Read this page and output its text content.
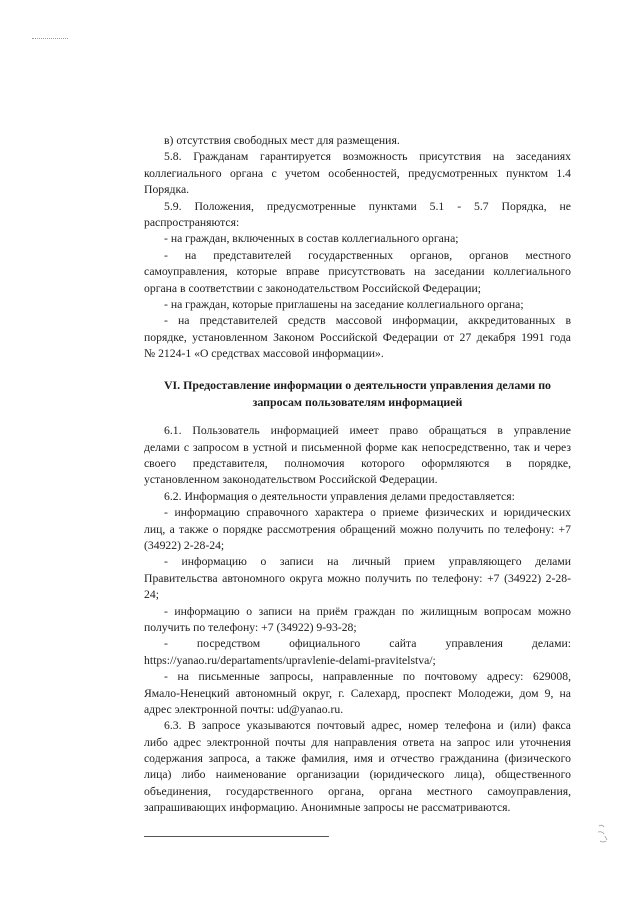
в) отсутствия свободных мест для размещения.
5.8. Гражданам гарантируется возможность присутствия на заседаниях
коллегиального органа с учетом особенностей, предусмотренных пунктом 1.4
Порядка.
5.9. Положения, предусмотренные пунктами 5.1 - 5.7 Порядка, не
распространяются:
- на граждан, включенных в состав коллегиального органа;
- на представителей государственных органов, органов местного
самоуправления, которые вправе присутствовать на заседании коллегиального
органа в соответствии с законодательством Российской Федерации;
- на граждан, которые приглашены на заседание коллегиального органа;
- на представителей средств массовой информации, аккредитованных в
порядке, установленном Законом Российской Федерации от 27 декабря 1991 года
№ 2124-1 «О средствах массовой информации».
VI. Предоставление информации о деятельности управления делами по
запросам пользователям информацией
6.1. Пользователь информацией имеет право обращаться в управление
делами с запросом в устной и письменной форме как непосредственно, так и через
своего представителя, полномочия которого оформляются в порядке,
установленном законодательством Российской Федерации.
6.2. Информация о деятельности управления делами предоставляется:
- информацию справочного характера о приеме физических и юридических
лиц, а также о порядке рассмотрения обращений можно получить по телефону: +7
(34922) 2-28-24;
- информацию о записи на личный прием управляющего делами
Правительства автономного округа можно получить по телефону: +7 (34922) 2-28-
24;
- информацию о записи на приём граждан по жилищным вопросам можно
получить по телефону: +7 (34922) 9-93-28;
- посредством официального сайта управления делами:
https://yanao.ru/departaments/upravlenie-delami-pravitelstva/;
- на письменные запросы, направленные по почтовому адресу: 629008,
Ямало-Ненецкий автономный округ, г. Салехард, проспект Молодежи, дом 9, на
адрес электронной почты: ud@yanao.ru.
6.3. В запросе указываются почтовый адрес, номер телефона и (или) факса
либо адрес электронной почты для направления ответа на запрос или уточнения
содержания запроса, а также фамилия, имя и отчество гражданина (физического
лица) либо наименование организации (юридического лица), общественного
объединения, государственного органа, органа местного самоуправления,
запрашивающих информацию. Анонимные запросы не рассматриваются.
